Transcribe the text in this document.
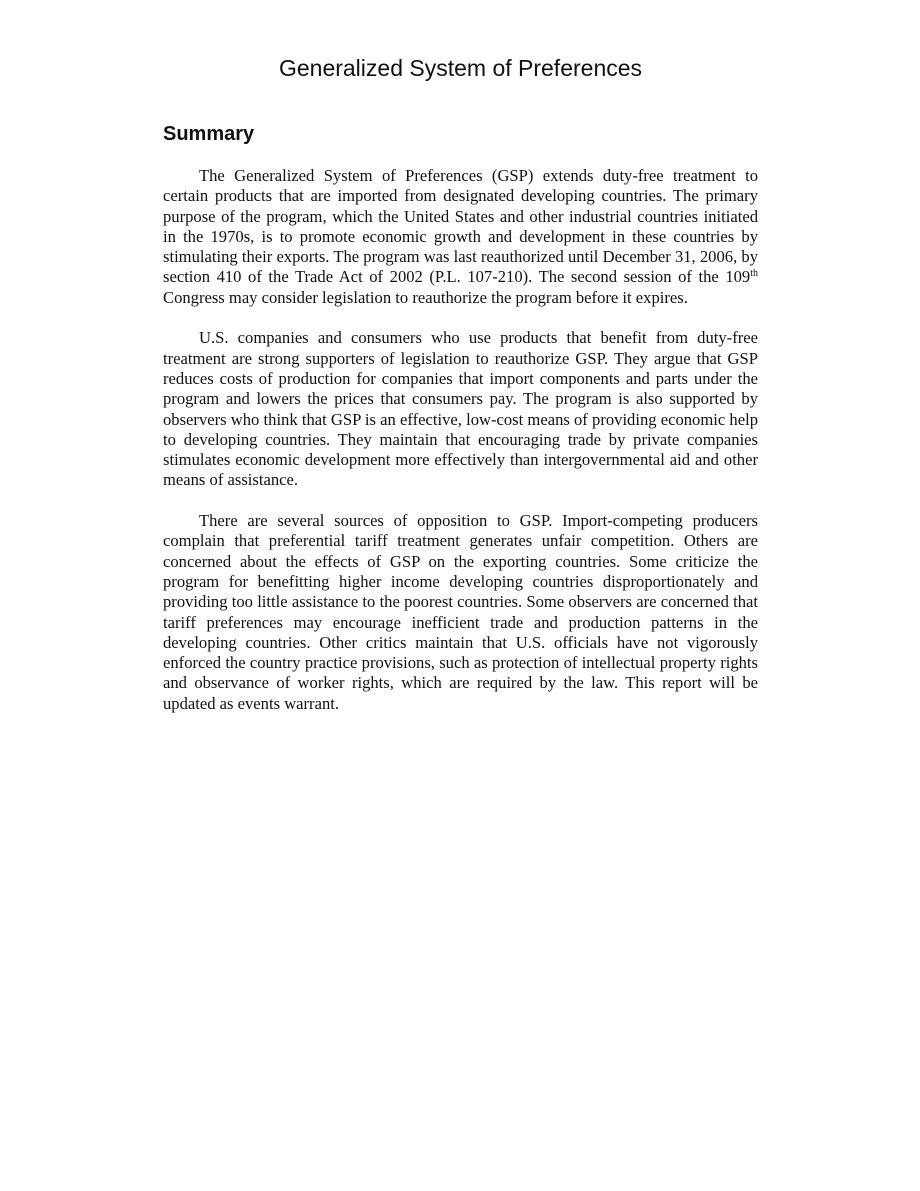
Generalized System of Preferences
Summary

The Generalized System of Preferences (GSP) extends duty-free treatment to certain products that are imported from designated developing countries. The primary purpose of the program, which the United States and other industrial countries initiated in the 1970s, is to promote economic growth and development in these countries by stimulating their exports. The program was last reauthorized until December 31, 2006, by section 410 of the Trade Act of 2002 (P.L. 107-210). The second session of the 109th Congress may consider legislation to reauthorize the program before it expires.

U.S. companies and consumers who use products that benefit from duty-free treatment are strong supporters of legislation to reauthorize GSP. They argue that GSP reduces costs of production for companies that import components and parts under the program and lowers the prices that consumers pay. The program is also supported by observers who think that GSP is an effective, low-cost means of providing economic help to developing countries. They maintain that encouraging trade by private companies stimulates economic development more effectively than intergovernmental aid and other means of assistance.

There are several sources of opposition to GSP. Import-competing producers complain that preferential tariff treatment generates unfair competition. Others are concerned about the effects of GSP on the exporting countries. Some criticize the program for benefitting higher income developing countries disproportionately and providing too little assistance to the poorest countries. Some observers are concerned that tariff preferences may encourage inefficient trade and production patterns in the developing countries. Other critics maintain that U.S. officials have not vigorously enforced the country practice provisions, such as protection of intellectual property rights and observance of worker rights, which are required by the law. This report will be updated as events warrant.
